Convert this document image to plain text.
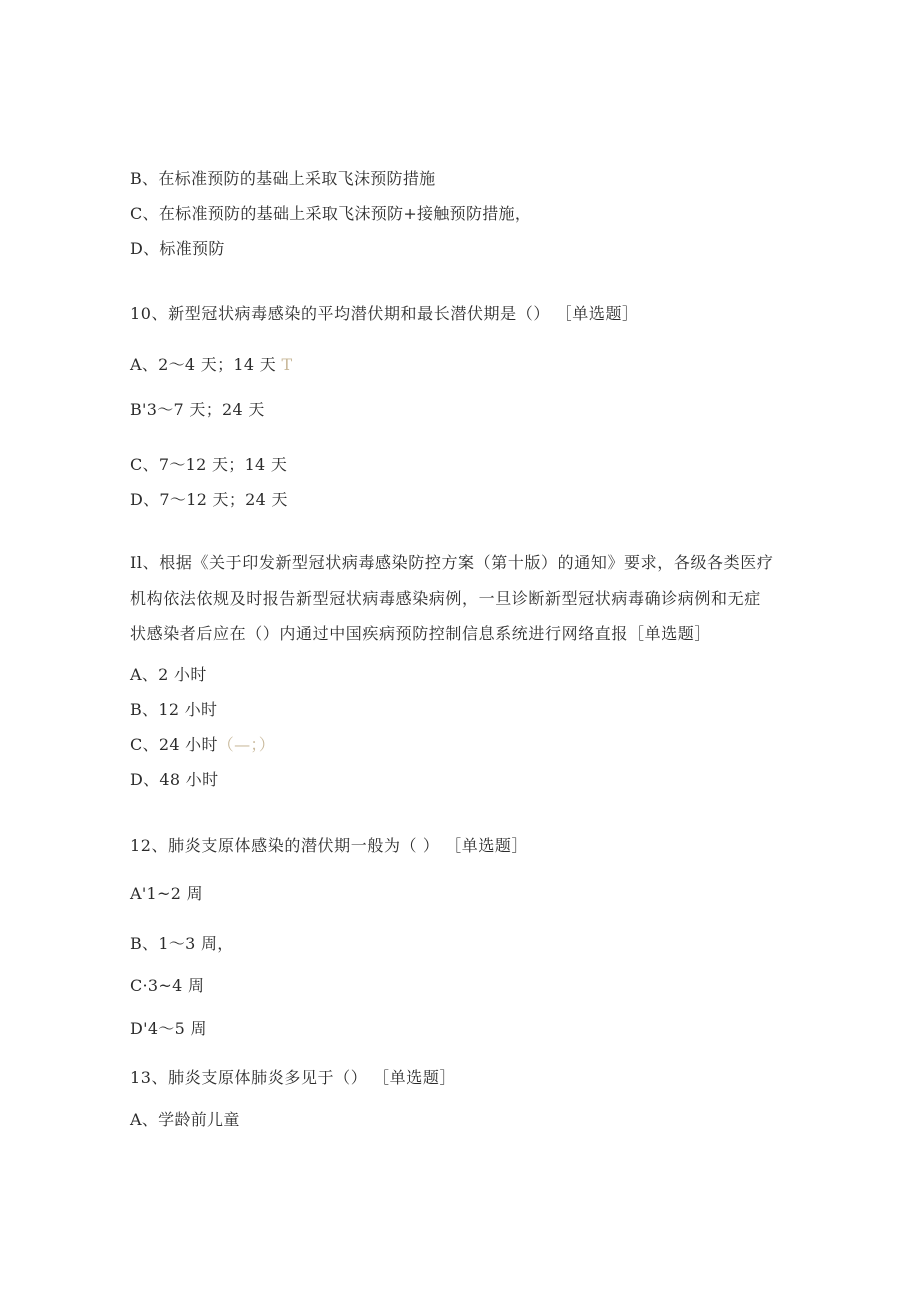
B、在标准预防的基础上采取飞沫预防措施
C、在标准预防的基础上采取飞沫预防+接触预防措施，
D、标准预防
10、新型冠状病毒感染的平均潜伏期和最长潜伏期是（） ［单选题］
A、2～4 天；14 天 T
B'3～7 天；24 天
C、7～12 天；14 天
D、7～12 天；24 天
Il、根据《关于印发新型冠状病毒感染防控方案（第十版）的通知》要求，各级各类医疗
机构依法依规及时报告新型冠状病毒感染病例，一旦诊断新型冠状病毒确诊病例和无症
状感染者后应在（）内通过中国疾病预防控制信息系统进行网络直报［单选题］
A、2 小时
B、12 小时
C、24 小时（—；）
D、48 小时
12、肺炎支原体感染的潜伏期一般为（ ） ［单选题］
A'1~2 周
B、1～3 周，
C·3~4 周
D'4～5 周
13、肺炎支原体肺炎多见于（） ［单选题］
A、学龄前儿童
